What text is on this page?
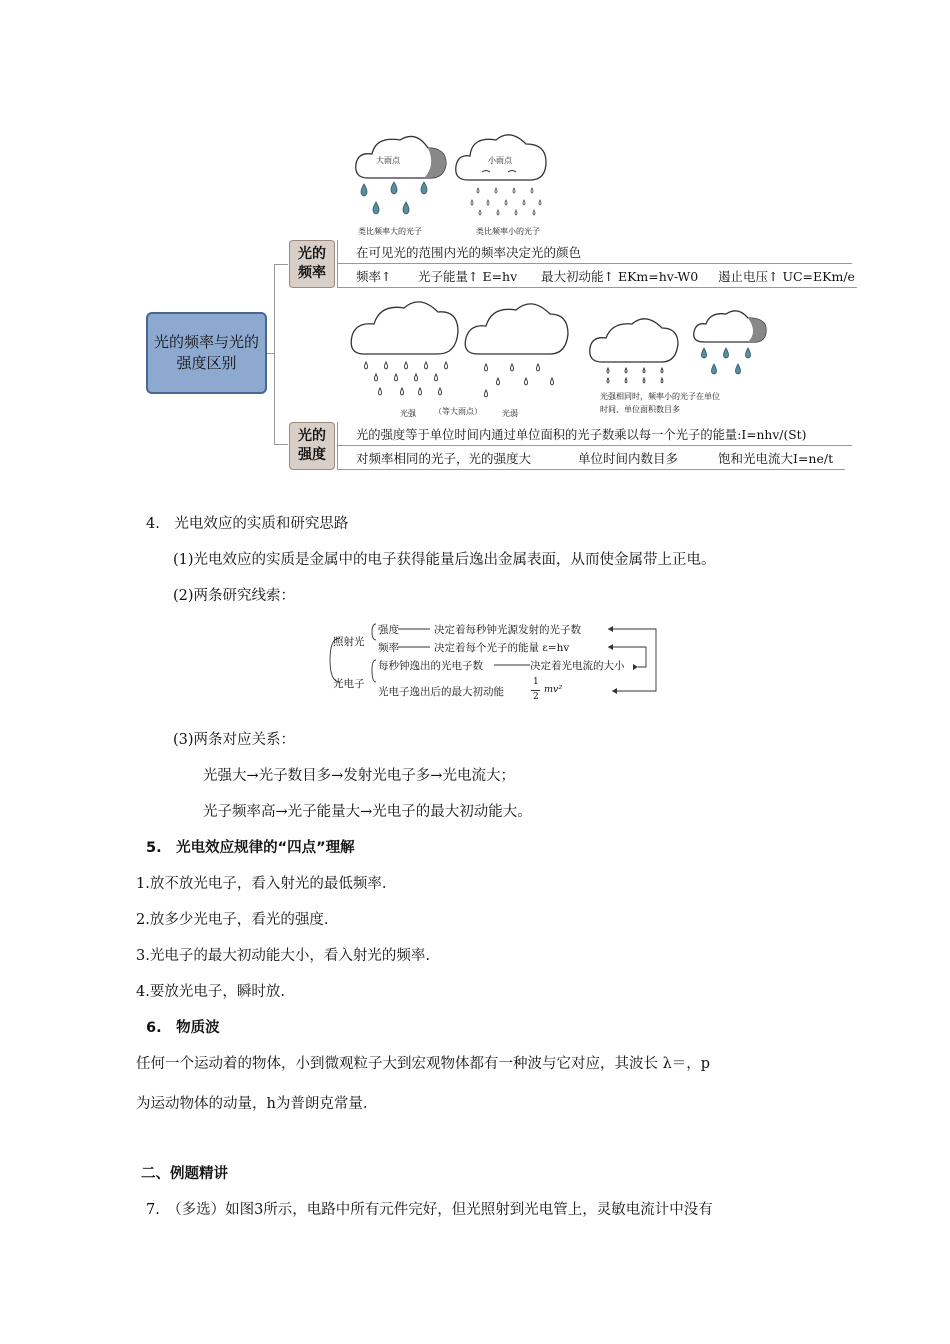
光的频率与光的强度区别
大雨点	小雨点
类比频率大的光子	类比频率小的光子
光的频率
在可见光的范围内光的频率决定光的颜色
频率↑ 光子能量↑ E=hv 最大初动能↑ EKm=hv-W0 遏止电压↑ UC=EKm/e
光强 （等大雨点）	光弱
光强相同时，频率小的光子在单位
时间、单位面积数目多
光的强度
光的强度等于单位时间内通过单位面积的光子数乘以每一个光子的能量:I=nhv/(St)
对频率相同的光子，光的强度大	单位时间内数目多	饱和光电流大I=ne/t
4.　光电效应的实质和研究思路
(1)光电效应的实质是金属中的电子获得能量后逸出金属表面，从而使金属带上正电。
(2)两条研究线索：
照射光
光电子
强度	决定着每秒钟光源发射的光子数
频率	决定着每个光子的能量 ε=hv
每秒钟逸出的光电子数	决定着光电流的大小
光电子逸出后的最大初动能
1
2
mv²
(3)两条对应关系：
光强大→光子数目多→发射光电子多→光电流大；
光子频率高→光子能量大→光电子的最大初动能大。
5.　光电效应规律的“四点”理解
1.放不放光电子，看入射光的最低频率.
2.放多少光电子，看光的强度.
3.光电子的最大初动能大小，看入射光的频率.
4.要放光电子，瞬时放.
6.　物质波
任何一个运动着的物体，小到微观粒子大到宏观物体都有一种波与它对应，其波长 λ＝，p
为运动物体的动量，h为普朗克常量.
二、例题精讲
7.　（多选）如图3所示，电路中所有元件完好，但光照射到光电管上，灵敏电流计中没有
